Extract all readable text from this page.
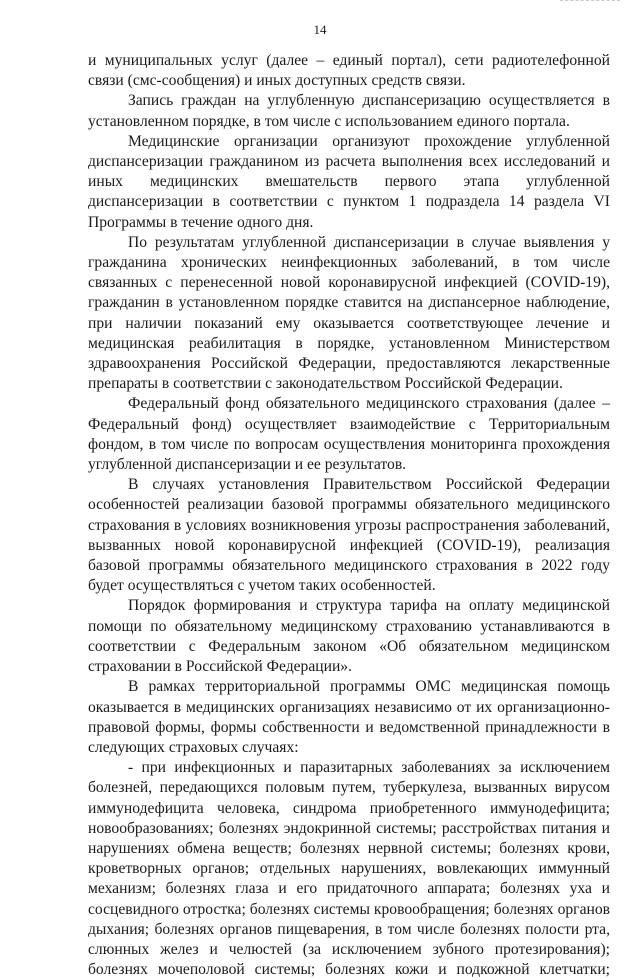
14

и муниципальных услуг (далее – единый портал), сети радиотелефонной связи (смс-сообщения) и иных доступных средств связи.

Запись граждан на углубленную диспансеризацию осуществляется в установленном порядке, в том числе с использованием единого портала.

Медицинские организации организуют прохождение углубленной диспансеризации гражданином из расчета выполнения всех исследований и иных медицинских вмешательств первого этапа углубленной диспансеризации в соответствии с пунктом 1 подраздела 14 раздела VI Программы в течение одного дня.

По результатам углубленной диспансеризации в случае выявления у гражданина хронических неинфекционных заболеваний, в том числе связанных с перенесенной новой коронавирусной инфекцией (COVID-19), гражданин в установленном порядке ставится на диспансерное наблюдение, при наличии показаний ему оказывается соответствующее лечение и медицинская реабилитация в порядке, установленном Министерством здравоохранения Российской Федерации, предоставляются лекарственные препараты в соответствии с законодательством Российской Федерации.

Федеральный фонд обязательного медицинского страхования (далее – Федеральный фонд) осуществляет взаимодействие с Территориальным фондом, в том числе по вопросам осуществления мониторинга прохождения углубленной диспансеризации и ее результатов.

В случаях установления Правительством Российской Федерации особенностей реализации базовой программы обязательного медицинского страхования в условиях возникновения угрозы распространения заболеваний, вызванных новой коронавирусной инфекцией (COVID-19), реализация базовой программы обязательного медицинского страхования в 2022 году будет осуществляться с учетом таких особенностей.

Порядок формирования и структура тарифа на оплату медицинской помощи по обязательному медицинскому страхованию устанавливаются в соответствии с Федеральным законом «Об обязательном медицинском страховании в Российской Федерации».

В рамках территориальной программы ОМС медицинская помощь оказывается в медицинских организациях независимо от их организационно-правовой формы, формы собственности и ведомственной принадлежности в следующих страховых случаях:

- при инфекционных и паразитарных заболеваниях за исключением болезней, передающихся половым путем, туберкулеза, вызванных вирусом иммунодефицита человека, синдрома приобретенного иммунодефицита; новообразованиях; болезнях эндокринной системы; расстройствах питания и нарушениях обмена веществ; болезнях нервной системы; болезнях крови, кроветворных органов; отдельных нарушениях, вовлекающих иммунный механизм; болезнях глаза и его придаточного аппарата; болезнях уха и сосцевидного отростка; болезнях системы кровообращения; болезнях органов дыхания; болезнях органов пищеварения, в том числе болезнях полости рта, слюнных желез и челюстей (за исключением зубного протезирования); болезнях мочеполовой системы; болезнях кожи и подкожной клетчатки;
